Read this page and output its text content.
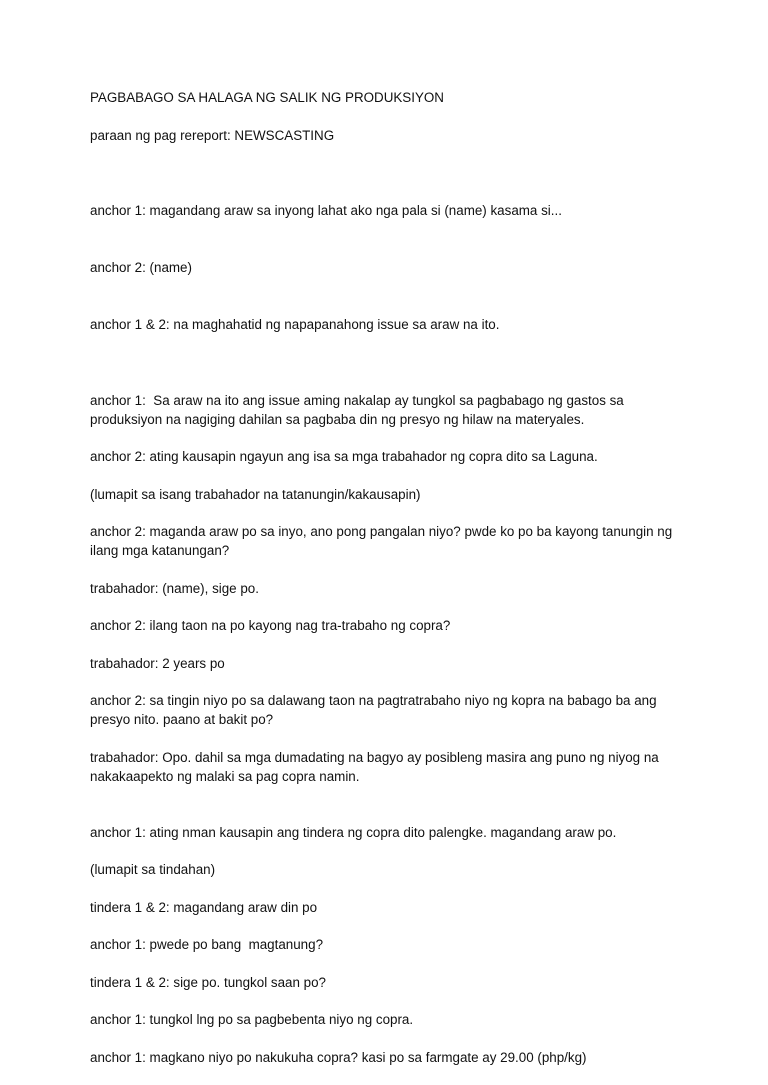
PAGBABAGO SA HALAGA NG SALIK NG PRODUKSIYON

paraan ng pag rereport: NEWSCASTING

anchor 1: magandang araw sa inyong lahat ako nga pala si (name) kasama si...

anchor 2: (name)

anchor 1 & 2: na maghahatid ng napapanahong issue sa araw na ito.

anchor 1:  Sa araw na ito ang issue aming nakalap ay tungkol sa pagbabago ng gastos sa produksiyon na nagiging dahilan sa pagbaba din ng presyo ng hilaw na materyales.

anchor 2: ating kausapin ngayun ang isa sa mga trabahador ng copra dito sa Laguna.

(lumapit sa isang trabahador na tatanungin/kakausapin)

anchor 2: maganda araw po sa inyo, ano pong pangalan niyo? pwde ko po ba kayong tanungin ng ilang mga katanungan?

trabahador: (name), sige po.

anchor 2: ilang taon na po kayong nag tra-trabaho ng copra?

trabahador: 2 years po

anchor 2: sa tingin niyo po sa dalawang taon na pagtratrabaho niyo ng kopra na babago ba ang presyo nito. paano at bakit po?

trabahador: Opo. dahil sa mga dumadating na bagyo ay posibleng masira ang puno ng niyog na nakakaapekto ng malaki sa pag copra namin.

anchor 1: ating nman kausapin ang tindera ng copra dito palengke. magandang araw po.

(lumapit sa tindahan)

tindera 1 & 2: magandang araw din po

anchor 1: pwede po bang  magtanung?

tindera 1 & 2: sige po. tungkol saan po?

anchor 1: tungkol lng po sa pagbebenta niyo ng copra.

anchor 1: magkano niyo po nakukuha copra? kasi po sa farmgate ay 29.00 (php/kg)
